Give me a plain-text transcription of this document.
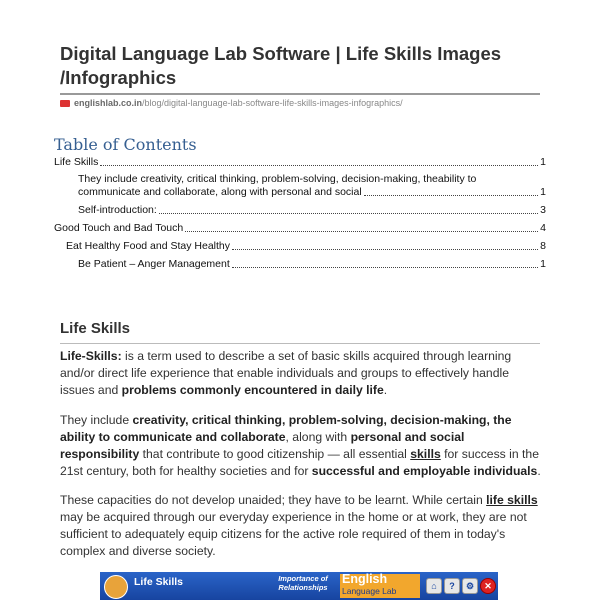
Digital Language Lab Software | Life Skills Images /Infographics
englishlab.co.in/blog/digital-language-lab-software-life-skills-images-infographics/
Table of Contents
Life Skills	1
They include creativity, critical thinking, problem-solving, decision-making, theability to
communicate and collaborate, along with personal and social	1
Self-introduction:	3
Good Touch and Bad Touch	4
Eat Healthy Food and Stay Healthy	8
Be Patient – Anger Management	1
Life Skills
Life-Skills: is a term used to describe a set of basic skills acquired through learning and/or direct life experience that enable individuals and groups to effectively handle issues and problems commonly encountered in daily life.
They include creativity, critical thinking, problem-solving, decision-making, the ability to communicate and collaborate, along with personal and social responsibility that contribute to good citizenship — all essential skills for success in the 21st century, both for healthy societies and for successful and employable individuals.
These capacities do not develop unaided; they have to be learnt. While certain life skills may be acquired through our everyday experience in the home or at work, they are not sufficient to adequately equip citizens for the active role required of them in today's complex and diverse society.
Life Skills	Importance of Relationships
English
Language Lab	⌂	?	⚙	✕
